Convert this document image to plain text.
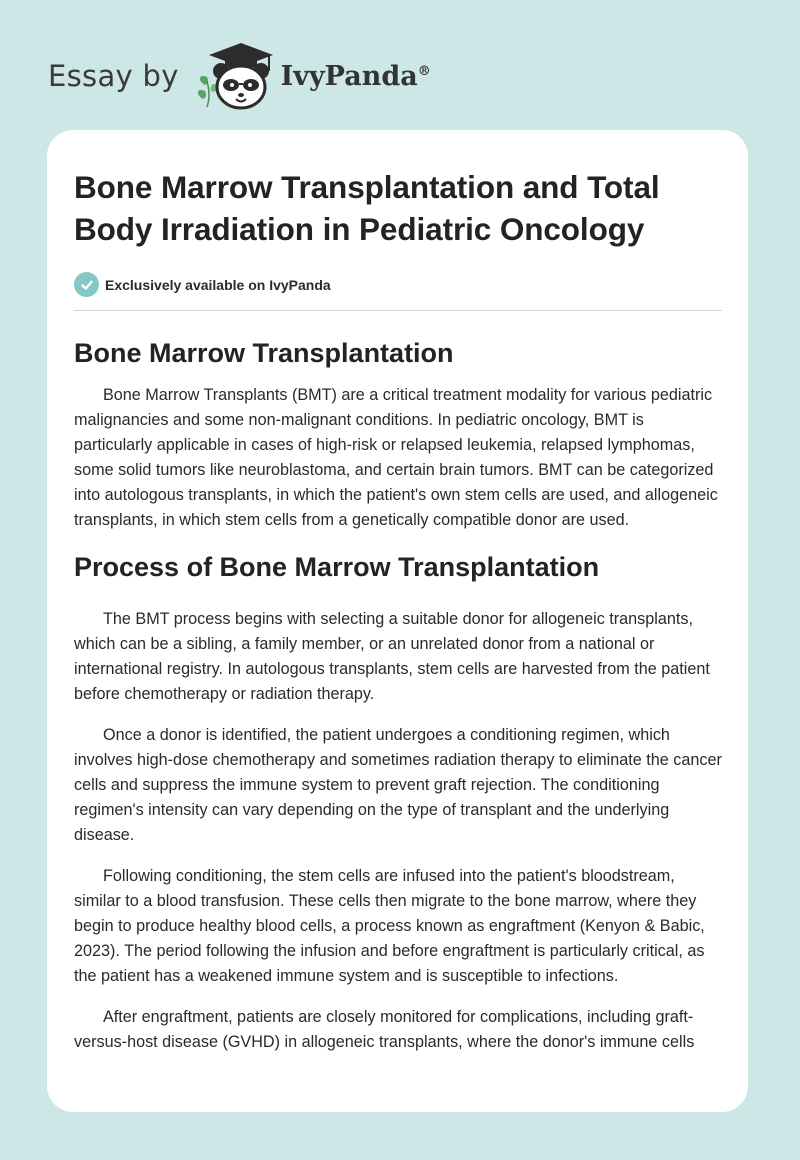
Essay by	IvyPanda®
Bone Marrow Transplantation and Total Body Irradiation in Pediatric Oncology
Exclusively available on IvyPanda
Bone Marrow Transplantation

Bone Marrow Transplants (BMT) are a critical treatment modality for various pediatric malignancies and some non-malignant conditions. In pediatric oncology, BMT is particularly applicable in cases of high-risk or relapsed leukemia, relapsed lymphomas, some solid tumors like neuroblastoma, and certain brain tumors. BMT can be categorized into autologous transplants, in which the patient's own stem cells are used, and allogeneic transplants, in which stem cells from a genetically compatible donor are used.

Process of Bone Marrow Transplantation

The BMT process begins with selecting a suitable donor for allogeneic transplants, which can be a sibling, a family member, or an unrelated donor from a national or international registry. In autologous transplants, stem cells are harvested from the patient before chemotherapy or radiation therapy.

Once a donor is identified, the patient undergoes a conditioning regimen, which involves high-dose chemotherapy and sometimes radiation therapy to eliminate the cancer cells and suppress the immune system to prevent graft rejection. The conditioning regimen's intensity can vary depending on the type of transplant and the underlying disease.

Following conditioning, the stem cells are infused into the patient's bloodstream, similar to a blood transfusion. These cells then migrate to the bone marrow, where they begin to produce healthy blood cells, a process known as engraftment (Kenyon & Babic, 2023). The period following the infusion and before engraftment is particularly critical, as the patient has a weakened immune system and is susceptible to infections.

After engraftment, patients are closely monitored for complications, including graft-versus-host disease (GVHD) in allogeneic transplants, where the donor's immune cells
